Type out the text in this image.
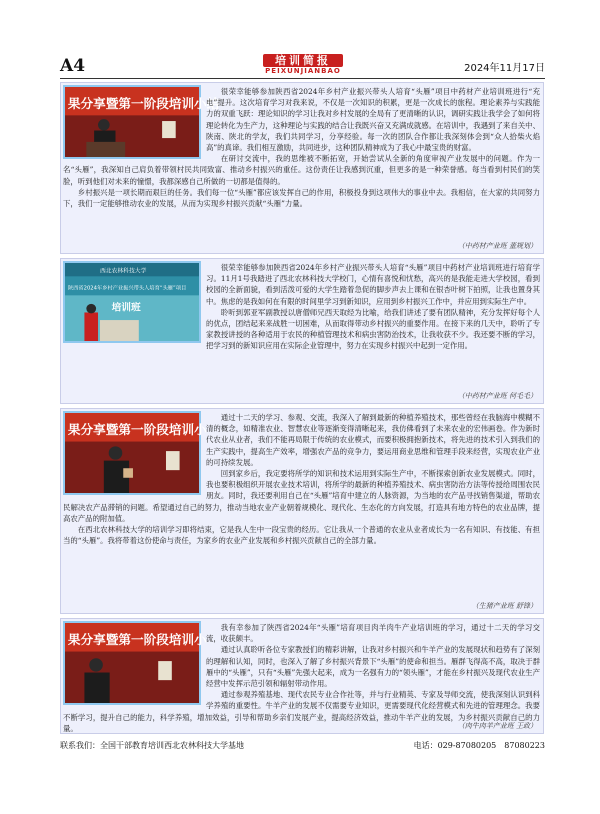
A4	培训简报
PEIXUNJIANBAO	2024年11月17日
果分享暨第一阶段培训小结

很荣幸能够参加陕西省2024年乡村产业振兴带头人培育“头雁”项目中药材产业培训班进行“充电”提升。这次培育学习对我来说，不仅是一次知识的积累，更是一次成长的旅程。理论素养与实践能力的双重飞跃：理论知识的学习让我对乡村发展的全局有了更清晰的认识，调研实践让我学会了如何将理论转化为生产力，这种理论与实践的结合让我既兴奋又充满成就感。在培训中，我遇到了来自关中、陕南、陕北的学友，我们共同学习，分享经验。每一次的团队合作都让我深刻体会到“众人拾柴火焰高”的真谛。我们相互激励，共同进步，这种团队精神成为了我心中最宝贵的财富。

在研讨交流中，我的思维被不断拓宽，开始尝试从全新的角度审视产业发展中的问题。作为一名“头雁”，我深知自己肩负着带领村民共同致富、推动乡村振兴的重任。这份责任让我感到沉重，但更多的是一种荣誉感。每当看到村民们的笑脸，听到他们对未来的憧憬，我都深感自己所做的一切都是值得的。

乡村振兴是一项长期而艰巨的任务。我们每一位“头雁”都应该发挥自己的作用，积极投身到这项伟大的事业中去。我相信，在大家的共同努力下，我们一定能够推动农业的发展，从而为实现乡村振兴贡献“头雁”力量。

（中药材产业班 董规划）
西北农林科技大学
陕西省2024年乡村产业振兴带头人培育“头雁”项目
培训班

很荣幸能够参加陕西省2024年乡村产业振兴带头人培育“头雁”项目中药材产业培训班进行培育学习。11月1号我踏进了西北农林科技大学校门，心情有喜悦和忧愁，高兴的是我能走进大学校园，看到校园的全新面貌，看到活泼可爱的大学生踏着急促的脚步声去上课和在银杏叶树下拍照，让我也置身其中。焦虑的是我如何在有限的时间里学习到新知识，应用到乡村振兴工作中，并应用到实际生产中。

聆听到郭亚军副教授以唐僧师兄西天取经为比喻，给我们讲述了要有团队精神，充分发挥好每个人的优点，团结起来来战胜一切困难，从而取得带动乡村振兴的重要作用。在接下来的几天中，聆听了专家教授讲授的各种适用于农民的种植管理技术和病虫害防治技术，让我收获不少。我还要不断的学习，把学习到的新知识应用在实际企业管理中，努力在实现乡村振兴中起到一定作用。

（中药材产业班 何毛毛）
果分享暨第一阶段培训小

通过十二天的学习、参观、交流，我深入了解到最新的种植养殖技术，那些曾经在我脑海中模糊不清的概念，如精准农业、智慧农业等逐渐变得清晰起来，我仿佛看到了未来农业的宏伟画卷。作为新时代农业从业者，我们不能再局限于传统的农业模式，而要积极拥抱新技术，将先进的技术引入到我们的生产实践中，提高生产效率，增强农产品的竞争力，要运用商业思维和管理手段来经营，实现农业产业的可持续发展。

回到家乡后，我定要将所学的知识和技术运用到实际生产中，不断探索创新农业发展模式。同时，我也要积极组织开展农业技术培训，将所学的最新的种植养殖技术、病虫害防治方法等传授给周围农民朋友。同时，我还要利用自己在“头雁”培育中建立的人脉资源，为当地的农产品寻找销售渠道，帮助农民解决农产品滞销的问题。希望通过自己的努力，推动当地农业产业朝着规模化、现代化、生态化的方向发展，打造具有地方特色的农业品牌，提高农产品的附加值。

在西北农林科技大学的培训学习即将结束，它是我人生中一段宝贵的经历。它让我从一个普通的农业从业者成长为一名有知识、有技能、有担当的“头雁”。我将带着这份使命与责任，为家乡的农业产业发展和乡村振兴贡献自己的全部力量。

（生猪产业班 舒锋）
果分享暨第一阶段培训小

我有幸参加了陕西省2024年“头雁”培育项目肉羊肉牛产业培训班的学习，通过十二天的学习交流，收获颇丰。

通过认真聆听各位专家教授们的精彩讲解，让我对乡村振兴和牛羊产业的发展现状和趋势有了深刻的理解和认知，同时，也深入了解了乡村振兴背景下“头雁”的使命和担当。雁群飞得高不高，取决于群雁中的“头雁”，只有“头雁”先强大起来，成为一名强有力的“领头雁”，才能在乡村振兴及现代农业生产经营中发挥示范引领和辐射带动作用。

通过参观养殖基地、现代农民专业合作社等，并与行业精英、专家及导师交流，使我深刻认识到科学养殖的重要性。牛羊产业的发展不仅需要专业知识，更需要现代化经营模式和先进的管理理念。我要不断学习，提升自己的能力，科学养殖，增加效益，引导和帮助乡亲们发展产业，提高经济效益，推动牛羊产业的发展，为乡村振兴贡献自己的力量。	（肉牛肉羊产业班 王政）
联系我们：全国干部教育培训西北农林科技大学基地	电话：029-87080205　87080223
